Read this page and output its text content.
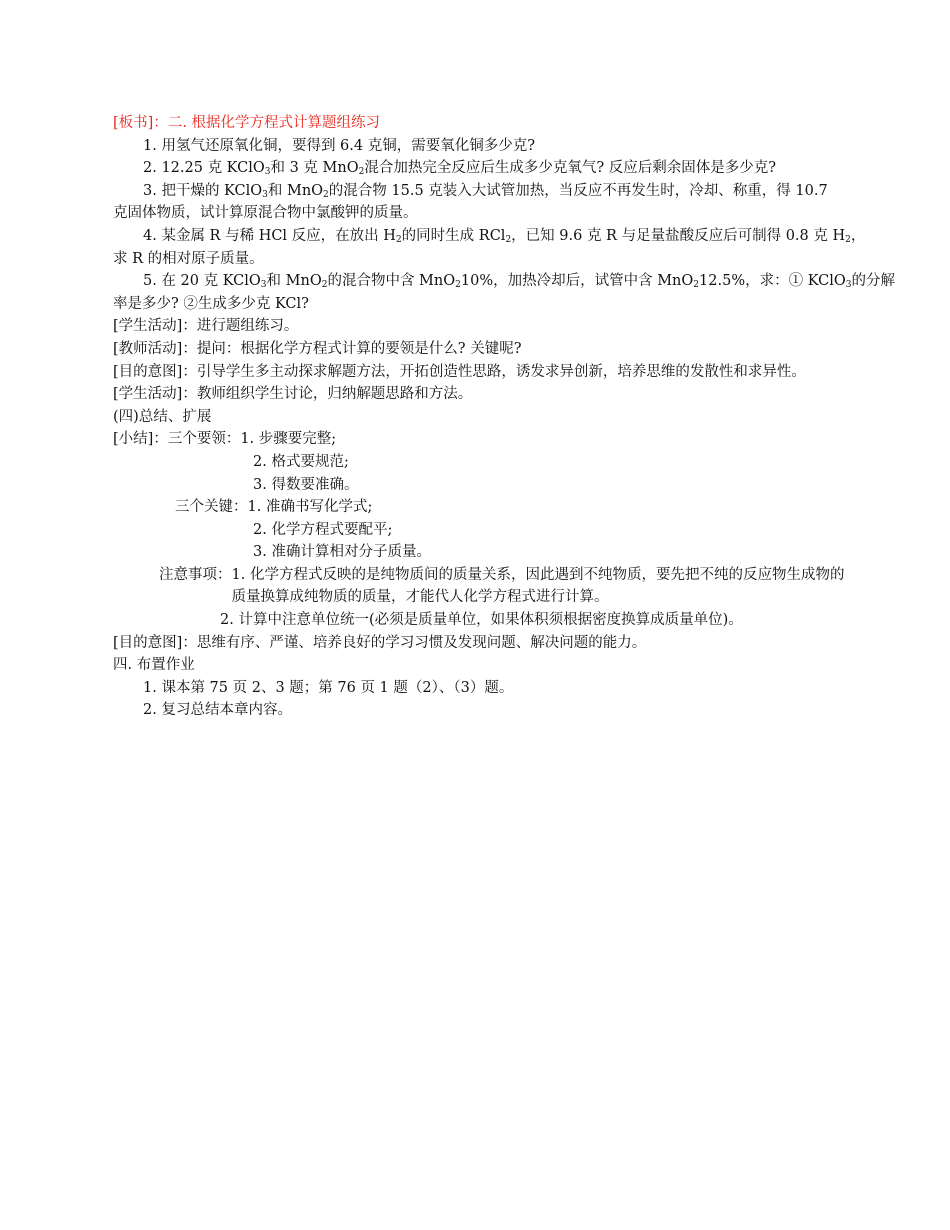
[板书]：二. 根据化学方程式计算题组练习
1. 用氢气还原氧化铜，要得到 6.4 克铜，需要氧化铜多少克?
2. 12.25 克 KClO$_3$和 3 克 MnO$_2$混合加热完全反应后生成多少克氧气? 反应后剩余固体是多少克?
3. 把干燥的 KClO$_3$和 MnO$_2$的混合物 15.5 克装入大试管加热，当反应不再发生时，冷却、称重，得 10.7
克固体物质，试计算原混合物中氯酸钾的质量。
4. 某金属 R 与稀 HCl 反应，在放出 $H_2$的同时生成 RCl$_2$，已知 9.6 克 R 与足量盐酸反应后可制得 0.8 克 $H_2$，
求 R 的相对原子质量。
5. 在 20 克 KClO$_3$和 MnO$_2$的混合物中含 MnO$_2$10%，加热冷却后，试管中含 MnO$_2$12.5%，求：① KClO$_3$的分解
率是多少? ②生成多少克 KCl?
[学生活动]：进行题组练习。
[教师活动]：提问：根据化学方程式计算的要领是什么? 关键呢?
[目的意图]： 引导学生多主动探求解题方法，开拓创造性思路，诱发求异创新，培养思维的发散性和求异性。
[学生活动]：教师组织学生讨论，归纳解题思路和方法。
(四)总结、扩展
[小结]：三个要领：1. 步骤要完整;
2. 格式要规范;
3. 得数要准确。
三个关键：1. 准确书写化学式;
2. 化学方程式要配平;
3. 准确计算相对分子质量。
注意事项： 1. 化学方程式反映的是纯物质间的质量关系，因此遇到不纯物质，要先把不纯的反应物生成物的质量换算成纯物质的质量，才能代人化学方程式进行计算。
2. 计算中注意单位统一(必须是质量单位，如果体积须根据密度换算成质量单位)。
[目的意图]：思维有序、严谨、培养良好的学习习惯及发现问题、解决问题的能力。
四. 布置作业
1. 课本第 75 页 2、3 题；第 76 页 1 题（2）、（3）题。
2. 复习总结本章内容。
